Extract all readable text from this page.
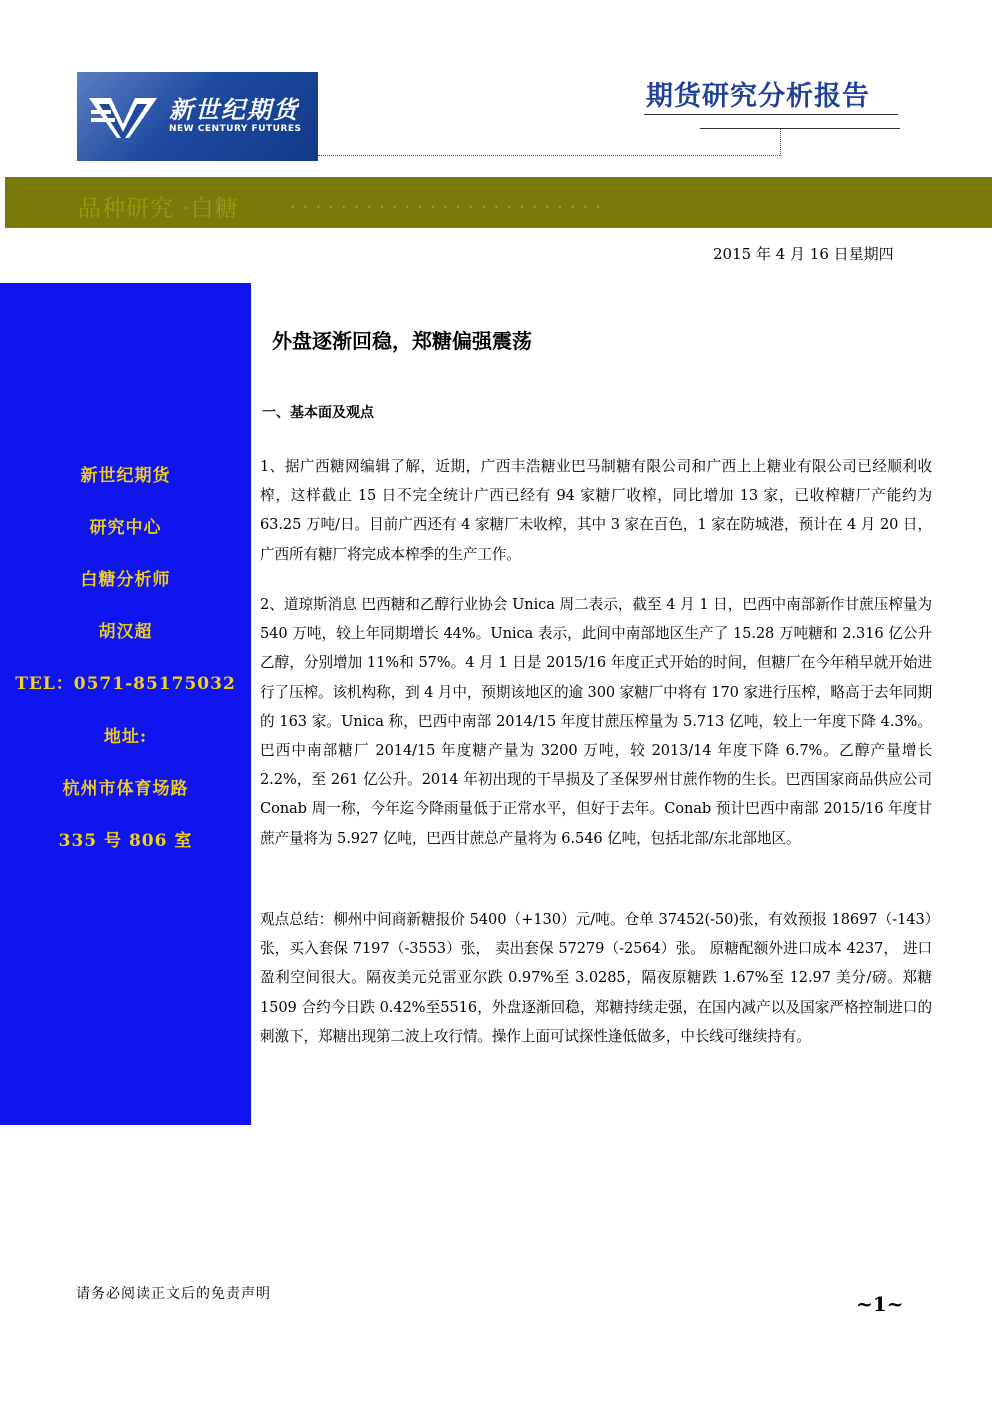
新世纪期货
NEW CENTURY FUTURES
期货研究分析报告
品种研究 ·白糖	·························
2015 年 4 月 16 日星期四
新世纪期货
研究中心
白糖分析师
胡汉超
TEL：0571-85175032
地址:
杭州市体育场路
335 号 806 室
外盘逐渐回稳，郑糖偏强震荡
一、基本面及观点
1、据广西糖网编辑了解，近期，广西丰浩糖业巴马制糖有限公司和广西上上糖业有限公司已经顺利收榨，这样截止 15 日不完全统计广西已经有 94 家糖厂收榨，同比增加 13 家，已收榨糖厂产能约为 63.25 万吨/日。目前广西还有 4 家糖厂未收榨，其中 3 家在百色，1 家在防城港，预计在 4 月 20 日，广西所有糖厂将完成本榨季的生产工作。
2、道琼斯消息 巴西糖和乙醇行业协会 Unica 周二表示，截至 4 月 1 日，巴西中南部新作甘蔗压榨量为 540 万吨，较上年同期增长 44%。Unica 表示，此间中南部地区生产了 15.28 万吨糖和 2.316 亿公升乙醇，分别增加 11%和 57%。4 月 1 日是 2015/16 年度正式开始的时间，但糖厂在今年稍早就开始进行了压榨。该机构称，到 4 月中，预期该地区的逾 300 家糖厂中将有 170 家进行压榨，略高于去年同期的 163 家。Unica 称，巴西中南部 2014/15 年度甘蔗压榨量为 5.713 亿吨，较上一年度下降 4.3%。巴西中南部糖厂 2014/15 年度糖产量为 3200 万吨，较 2013/14 年度下降 6.7%。乙醇产量增长 2.2%，至 261 亿公升。2014 年初出现的干旱损及了圣保罗州甘蔗作物的生长。巴西国家商品供应公司 Conab 周一称，今年迄今降雨量低于正常水平，但好于去年。Conab 预计巴西中南部 2015/16 年度甘蔗产量将为 5.927 亿吨，巴西甘蔗总产量将为 6.546 亿吨，包括北部/东北部地区。
观点总结：柳州中间商新糖报价 5400（+130）元/吨。仓单 37452(-50)张，有效预报 18697（-143）张，买入套保 7197（-3553）张， 卖出套保 57279（-2564）张。 原糖配额外进口成本 4237， 进口盈利空间很大。隔夜美元兑雷亚尔跌 0.97%至 3.0285，隔夜原糖跌 1.67%至 12.97 美分/磅。郑糖 1509 合约今日跌 0.42%至5516，外盘逐渐回稳，郑糖持续走强，在国内减产以及国家严格控制进口的刺激下，郑糖出现第二波上攻行情。操作上面可试探性逢低做多，中长线可继续持有。
请务必阅读正文后的免责声明	~1~
